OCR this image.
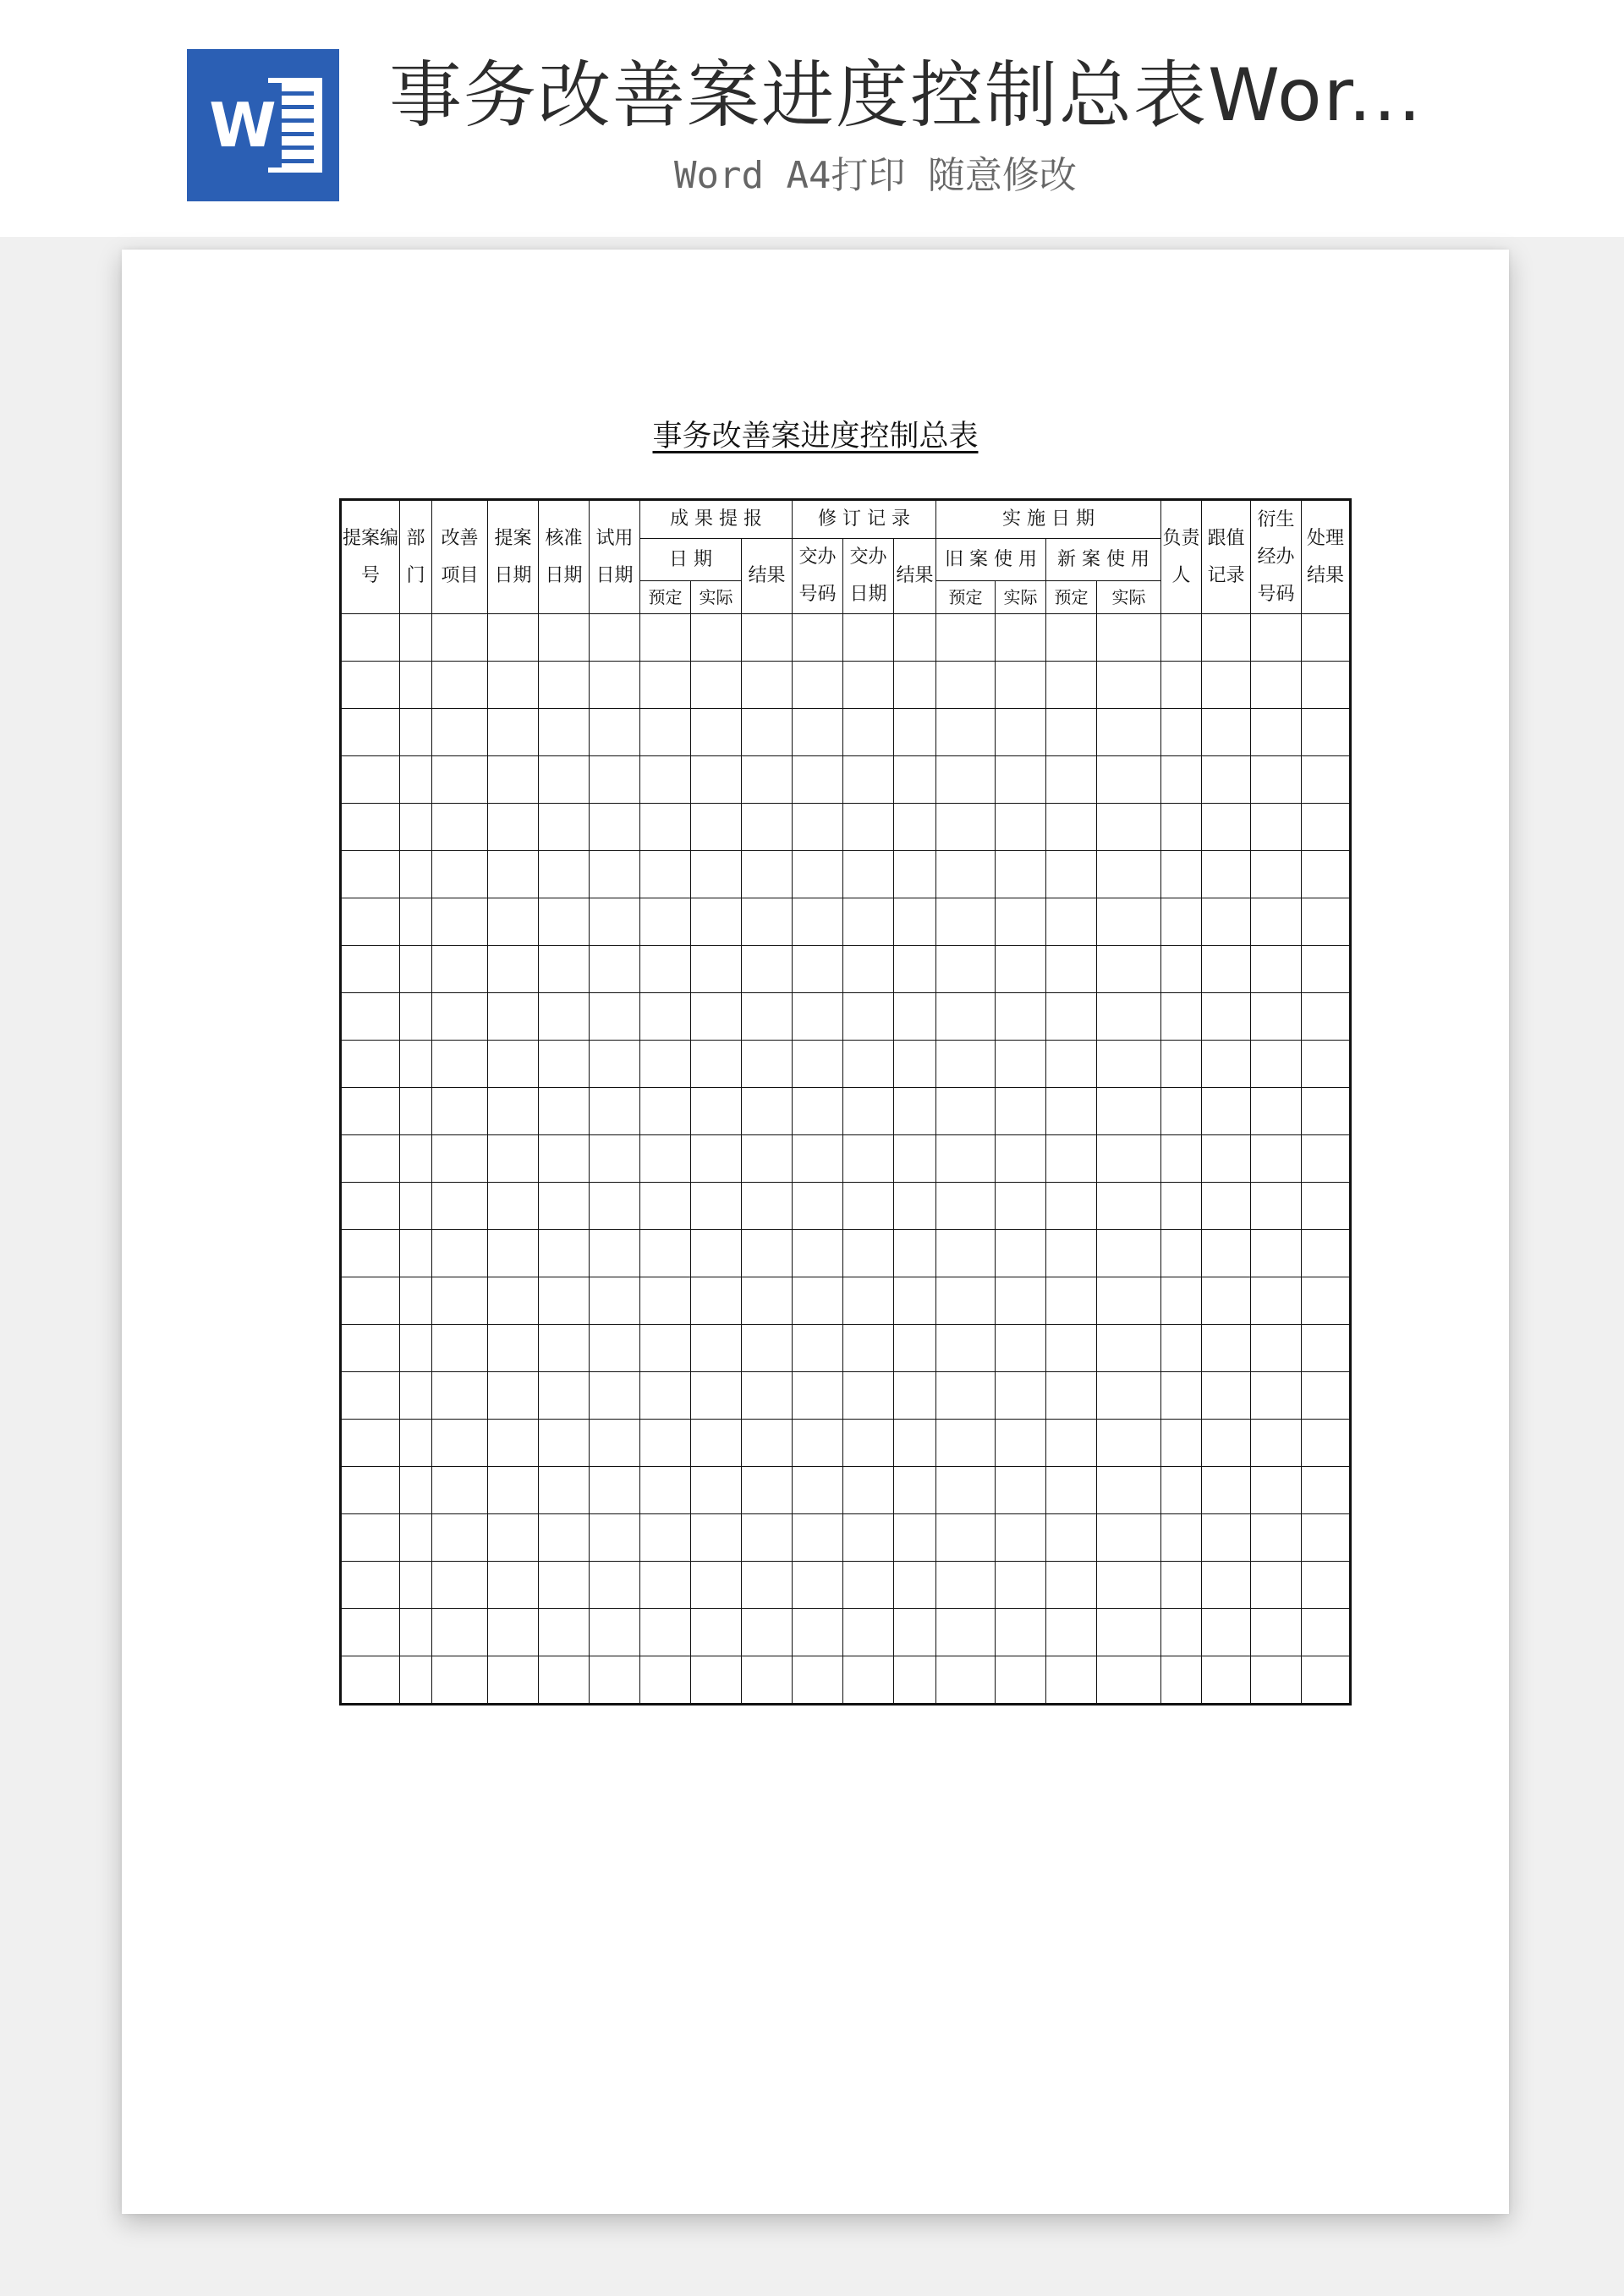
W 事务改善案进度控制总表Wor...
Word A4打印 随意修改
事务改善案进度控制总表
提案编号	部门	改善项目	提案日期	核准日期	试用日期	成 果 提 报			修 订 记 录			实 施 日 期				负责人	跟值记录	衍生经办号码	处理结果
						日 期		结果	交办号码	交办日期	结果	旧 案 使 用		新 案 使 用					
						预定	实际					预定	实际	预定	实际				
